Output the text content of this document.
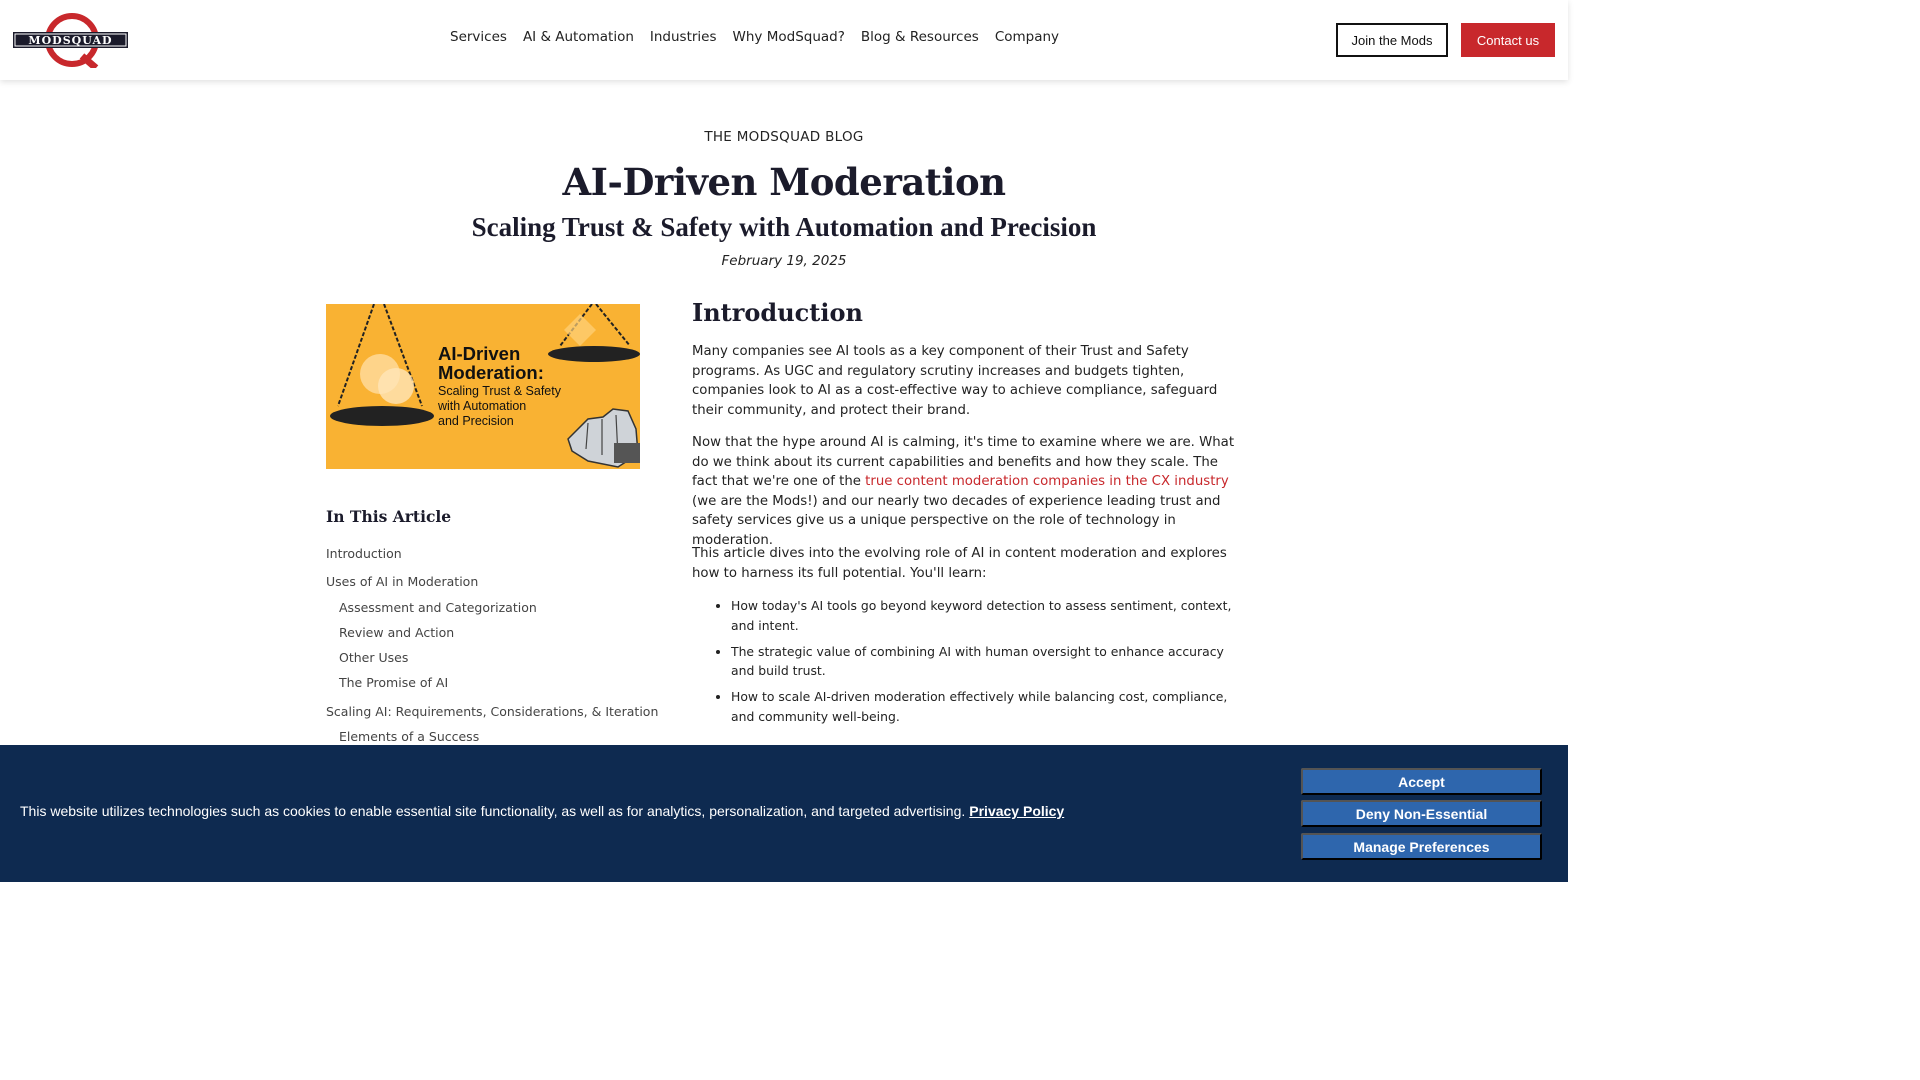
MODSQUAD	Services AI & Automation Industries Why ModSquad? Blog & Resources Company	Join the Mods	Contact us
THE MODSQUAD BLOG
AI-Driven Moderation
Scaling Trust & Safety with Automation and Precision
February 19, 2025
AI-Driven
Moderation:
Scaling Trust & Safety
with Automation
and Precision
In This Article
Introduction
Uses of AI in Moderation
Assessment and Categorization
Review and Action
Other Uses
The Promise of AI
Scaling AI: Requirements, Considerations, & Iteration
Elements of a Success
Introduction

Many companies see AI tools as a key component of their Trust and Safety programs. As UGC and regulatory scrutiny increases and budgets tighten, companies look to AI as a cost-effective way to achieve compliance, safeguard their community, and protect their brand.

Now that the hype around AI is calming, it's time to examine where we are. What do we think about its current capabilities and benefits and how they scale. The fact that we're one of the true content moderation companies in the CX industry (we are the Mods!) and our nearly two decades of experience leading trust and safety services give us a unique perspective on the role of technology in moderation.

This article dives into the evolving role of AI in content moderation and explores how to harness its full potential. You'll learn:

• How today's AI tools go beyond keyword detection to assess sentiment, context, and intent.
• The strategic value of combining AI with human oversight to enhance accuracy and build trust.
• How to scale AI-driven moderation effectively while balancing cost, compliance, and community well-being.
This website utilizes technologies such as cookies to enable essential site functionality, as well as for analytics, personalization, and targeted advertising. Privacy Policy
Accept
Deny Non-Essential
Manage Preferences
